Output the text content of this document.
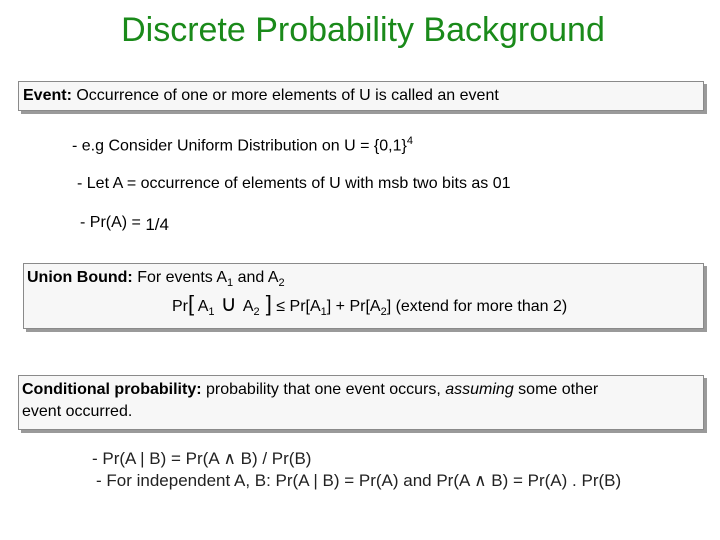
Discrete Probability Background
Event: Occurrence of one or more elements of U is called an event
- e.g Consider Uniform Distribution on $U = \{0,1\}^4$
- Let A = occurrence of elements of U with msb two bits as 01
- Pr(A) = 1/4
Union Bound: For events $A_1$ and $A_2$
Pr[ $A_1$ ∪ $A_2$ ] ≤ $Pr[A_1] + Pr[A_2]$ (extend for more than 2)
Conditional probability: probability that one event occurs, assuming some other
event occurred.
- Pr(A | B) = Pr(A ∧ B) / Pr(B)
- For independent A, B: Pr(A | B) = Pr(A) and Pr(A ∧ B) = Pr(A) . Pr(B)
